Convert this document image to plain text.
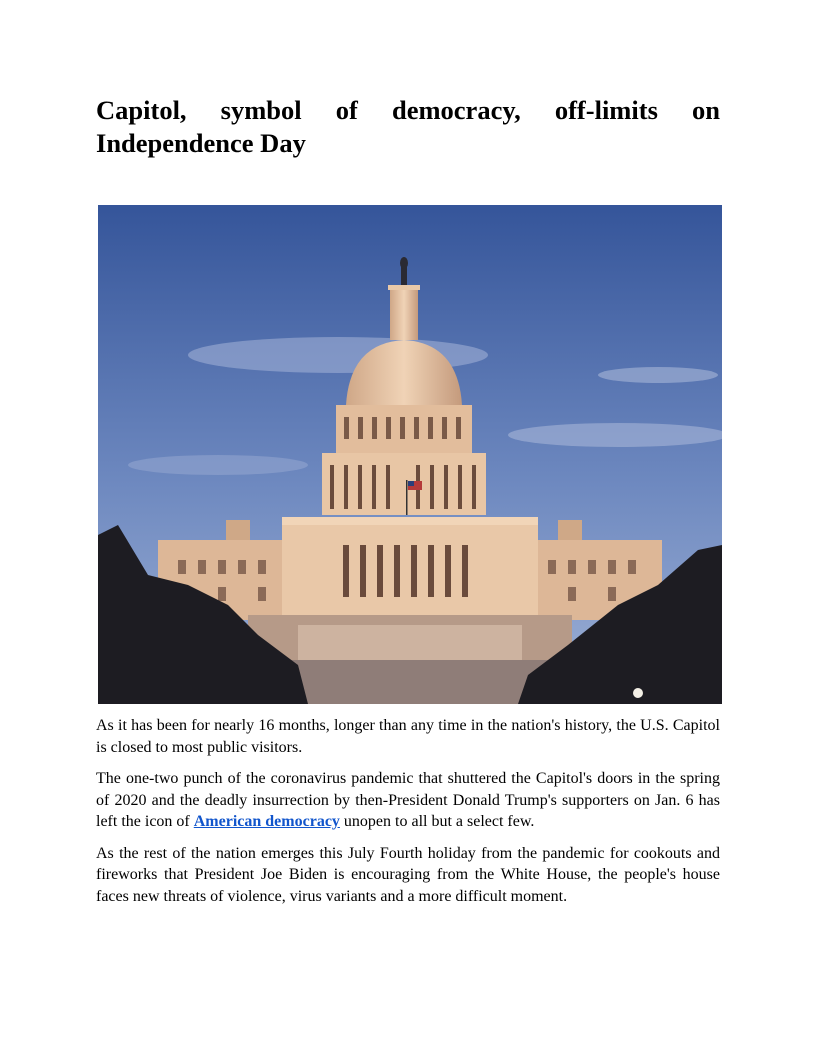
Capitol, symbol of democracy, off-limits on Independence Day

As it has been for nearly 16 months, longer than any time in the nation's history, the U.S. Capitol is closed to most public visitors.

The one-two punch of the coronavirus pandemic that shuttered the Capitol's doors in the spring of 2020 and the deadly insurrection by then-President Donald Trump's supporters on Jan. 6 has left the icon of American democracy unopen to all but a select few.

As the rest of the nation emerges this July Fourth holiday from the pandemic for cookouts and fireworks that President Joe Biden is encouraging from the White House, the people's house faces new threats of violence, virus variants and a more difficult moment.
